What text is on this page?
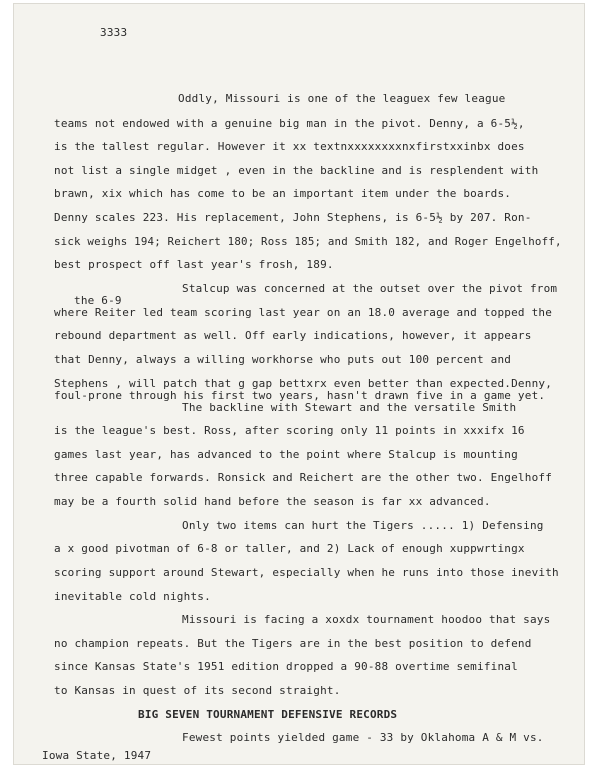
3333
Oddly, Missouri is one of the leaguex few league
teams not endowed with a genuine big man in the pivot. Denny, a 6-5½,
is the tallest regular. However it xx textnxxxxxxxxnxfirstxxinbx does
not list a single midget , even in the backline and is resplendent with
brawn, xix which has come to be an important item under the boards.
Denny scales 223. His replacement, John Stephens, is 6-5½ by 207. Ron-
sick weighs 194; Reichert 180; Ross 185; and Smith 182, and Roger Engelhoff,
best prospect off last year's frosh, 189.
Stalcup was concerned at the outset over the pivot from
the 6-9
where Reiter led team scoring last year on an 18.0 average and topped the
rebound department as well. Off early indications, however, it appears
that Denny, always a willing workhorse who puts out 100 percent and
Stephens , will patch that g gap bettxrx even better than expected.Denny,
foul-prone through his first two years, hasn't drawn five in a game yet.
The backline with Stewart and the versatile Smith
is the league's best. Ross, after scoring only 11 points in xxxifx 16
games last year, has advanced to the point where Stalcup is mounting
three capable forwards. Ronsick and Reichert are the other two. Engelhoff
may be a fourth solid hand before the season is far xx advanced.
Only two items can hurt the Tigers ..... 1) Defensing
a x good pivotman of 6-8 or taller, and 2) Lack of enough xuppwrtingx
scoring support around Stewart, especially when he runs into those inevith
inevitable cold nights.
Missouri is facing a xoxdx tournament hoodoo that says
no champion repeats. But the Tigers are in the best position to defend
since Kansas State's 1951 edition dropped a 90-88 overtime semifinal
to Kansas in quest of its second straight.
BIG SEVEN TOURNAMENT DEFENSIVE RECORDS
Fewest points yielded game - 33 by Oklahoma A & M vs.
Iowa State, 1947
